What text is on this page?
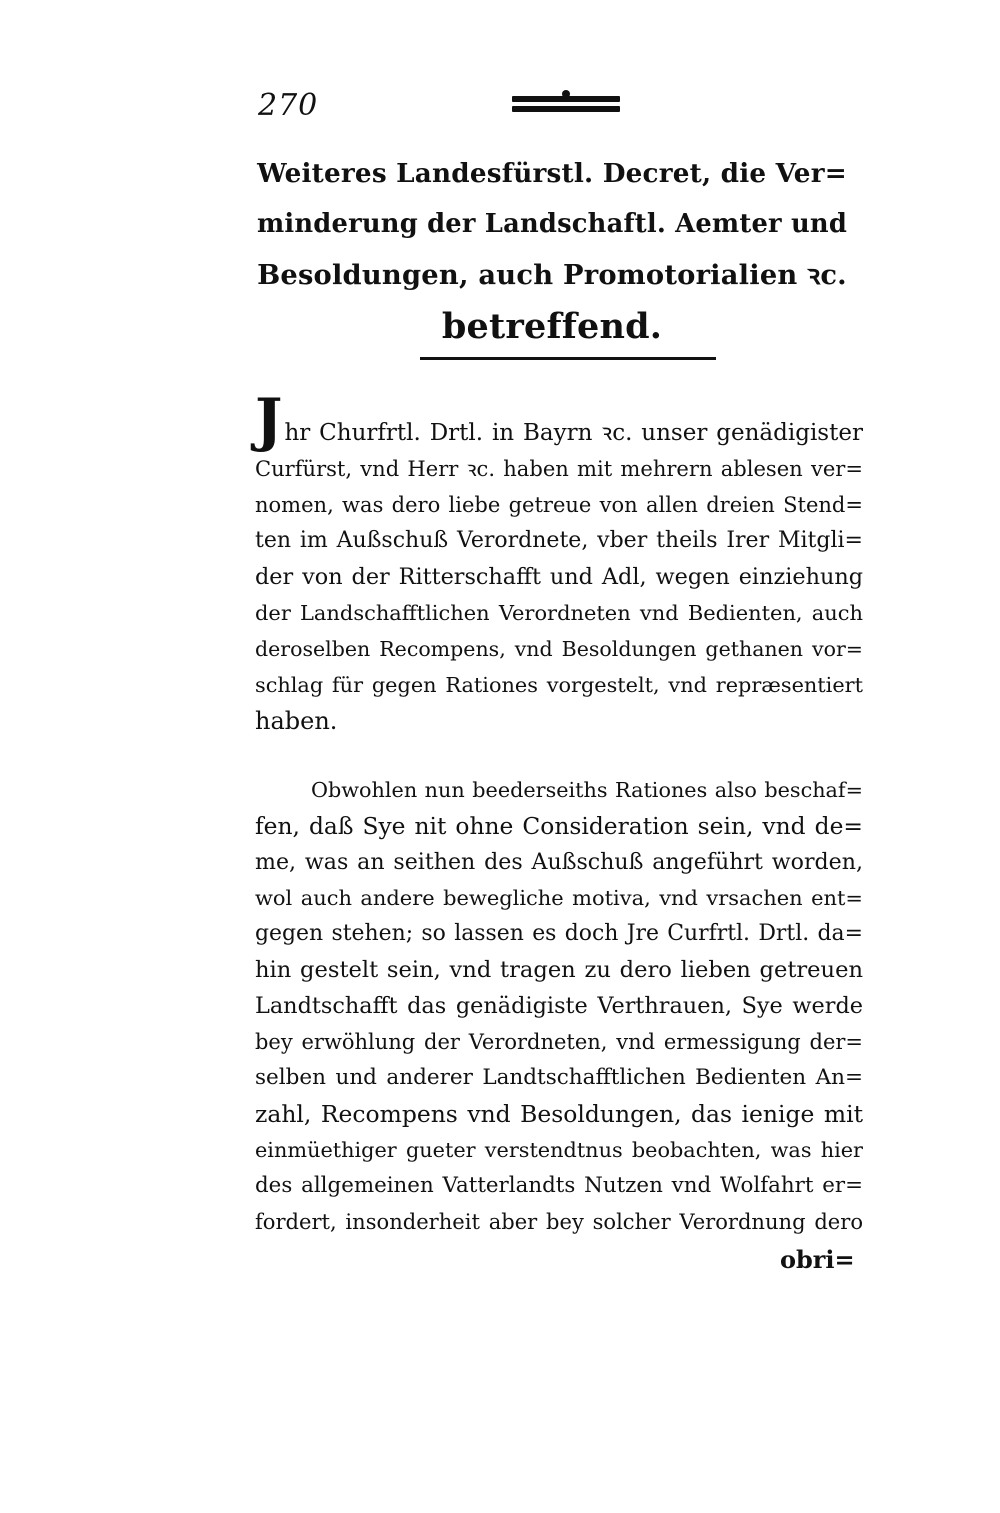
270
Weiteres Landesfürstl. Decret, die Ver=
minderung der Landschaftl. Aemter und
Besoldungen, auch Promotorialien ꝛc.
betreffend.
Jhr Churfrtl. Drtl. in Bayrn ꝛc. unser genädigister
Curfürst, vnd Herr ꝛc. haben mit mehrern ablesen ver=
nomen, was dero liebe getreue von allen dreien Stend=
ten im Außschuß Verordnete, vber theils Irer Mitgli=
der von der Ritterschafft und Adl, wegen einziehung
der Landschafftlichen Verordneten vnd Bedienten, auch
deroselben Recompens, vnd Besoldungen gethanen vor=
schlag für gegen Rationes vorgestelt, vnd repræsentiert
haben.
Obwohlen nun beederseiths Rationes also beschaf=
fen, daß Sye nit ohne Consideration sein, vnd de=
me, was an seithen des Außschuß angeführt worden,
wol auch andere bewegliche motiva, vnd vrsachen ent=
gegen stehen; so lassen es doch Jre Curfrtl. Drtl. da=
hin gestelt sein, vnd tragen zu dero lieben getreuen
Landtschafft das genädigiste Verthrauen, Sye werde
bey erwöhlung der Verordneten, vnd ermessigung der=
selben und anderer Landtschafftlichen Bedienten An=
zahl, Recompens vnd Besoldungen, das ienige mit
einmüethiger gueter verstendtnus beobachten, was hier
des allgemeinen Vatterlandts Nutzen vnd Wolfahrt er=
fordert, insonderheit aber bey solcher Verordnung dero
obri=
